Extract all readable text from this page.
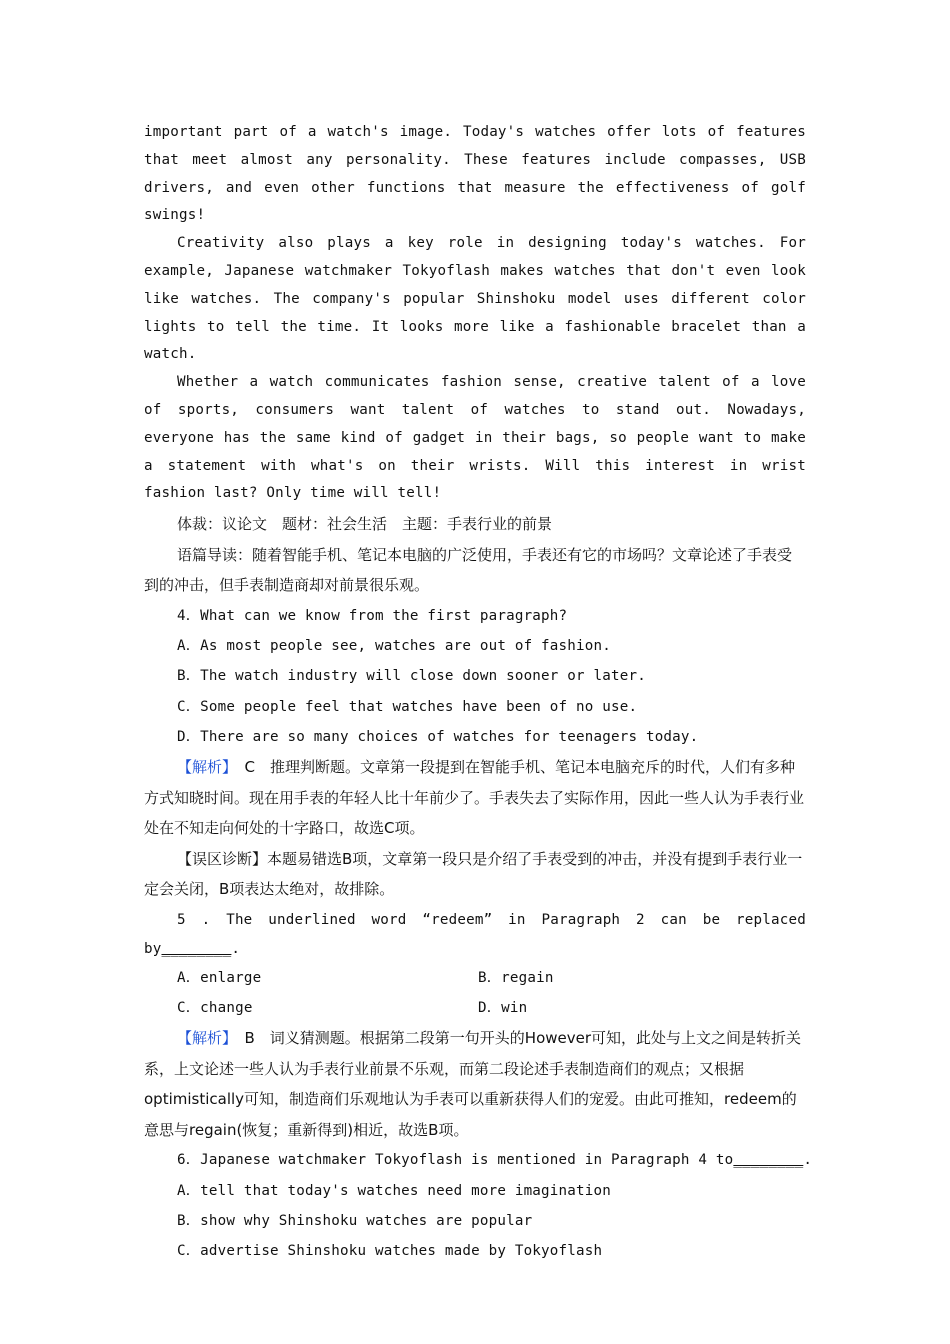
important part of a watch's image. Today's watches offer lots of features that meet almost any personality. These features include compasses, USB drivers, and even other functions that measure the effectiveness of golf swings!

Creativity also plays a key role in designing today's watches. For example, Japanese watchmaker Tokyoflash makes watches that don't even look like watches. The company's popular Shinshoku model uses different color lights to tell the time. It looks more like a fashionable bracelet than a watch.

Whether a watch communicates fashion sense, creative talent of a love of sports, consumers want talent of watches to stand out. Nowadays, everyone has the same kind of gadget in their bags, so people want to make a statement with what's on their wrists. Will this interest in wrist fashion last? Only time will tell!

体裁：议论文　题材：社会生活　主题：手表行业的前景

语篇导读：随着智能手机、笔记本电脑的广泛使用，手表还有它的市场吗？文章论述了手表受到的冲击，但手表制造商却对前景很乐观。

4．What can we know from the first paragraph?

A．As most people see, watches are out of fashion.

B．The watch industry will close down sooner or later.

C．Some people feel that watches have been of no use.

D．There are so many choices of watches for teenagers today.

【解析】　C　推理判断题。文章第一段提到在智能手机、笔记本电脑充斥的时代，人们有多种方式知晓时间。现在用手表的年轻人比十年前少了。手表失去了实际作用，因此一些人认为手表行业处在不知走向何处的十字路口，故选C项。

【误区诊断】本题易错选B项，文章第一段只是介绍了手表受到的冲击，并没有提到手表行业一定会关闭，B项表达太绝对，故排除。

5 . The underlined word “redeem” in Paragraph 2 can be replaced

by________.

A．enlarge	B．regain
C．change	D．win

【解析】　B　词义猜测题。根据第二段第一句开头的However可知，此处与上文之间是转折关系，上文论述一些人认为手表行业前景不乐观，而第二段论述手表制造商们的观点；又根据optimistically可知，制造商们乐观地认为手表可以重新获得人们的宠爱。由此可推知，redeem的意思与regain(恢复；重新得到)相近，故选B项。

6．Japanese watchmaker Tokyoflash is mentioned in Paragraph 4 to________.

A．tell that today's watches need more imagination

B．show why Shinshoku watches are popular

C．advertise Shinshoku watches made by Tokyoflash
